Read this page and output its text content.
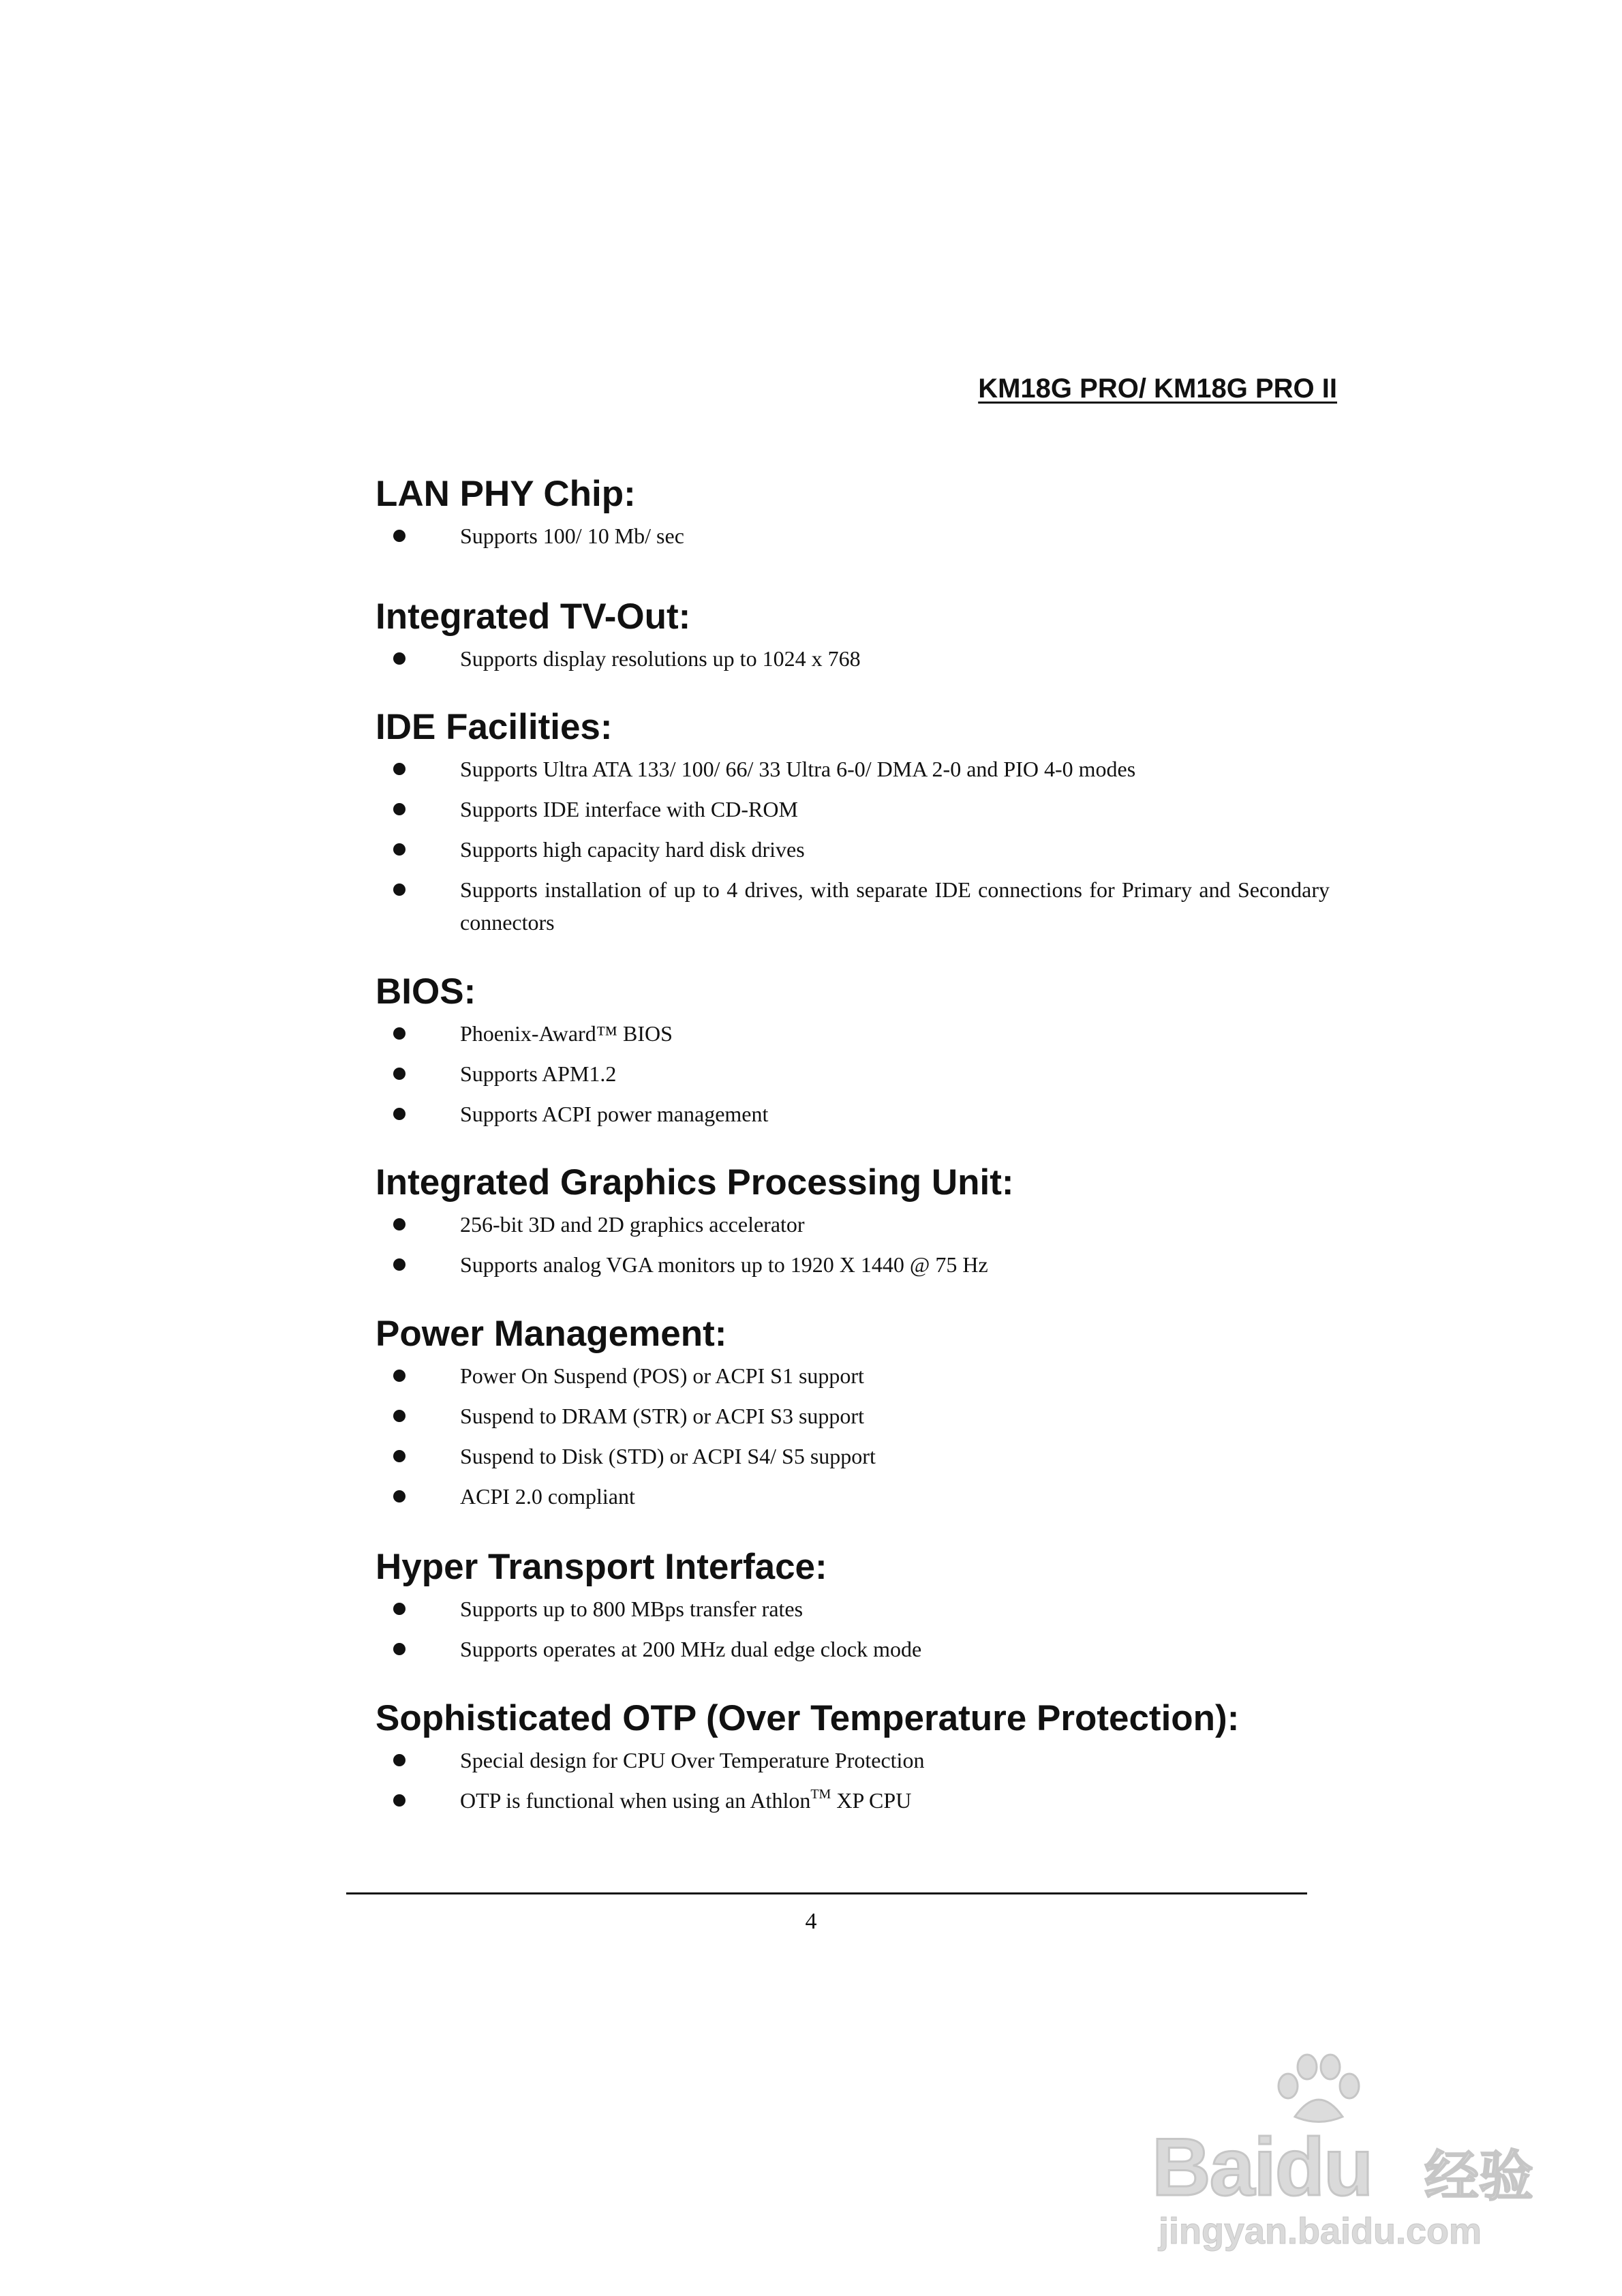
KM18G PRO/ KM18G PRO II
LAN PHY Chip:
Supports 100/ 10 Mb/ sec
Integrated TV-Out:
Supports display resolutions up to 1024 x 768
IDE Facilities:
Supports Ultra ATA 133/ 100/ 66/ 33 Ultra 6-0/ DMA 2-0 and PIO 4-0 modes
Supports IDE interface with CD-ROM
Supports high capacity hard disk drives
Supports installation of up to 4 drives, with separate IDE connections for Primary and Secondary connectors
BIOS:
Phoenix-Award™ BIOS
Supports APM1.2
Supports ACPI power management
Integrated Graphics Processing Unit:
256-bit 3D and 2D graphics accelerator
Supports analog VGA monitors up to 1920 X 1440 @ 75 Hz
Power Management:
Power On Suspend (POS) or ACPI S1 support
Suspend to DRAM (STR) or ACPI S3 support
Suspend to Disk (STD) or ACPI S4/ S5 support
ACPI 2.0 compliant
Hyper Transport Interface:
Supports up to 800 MBps transfer rates
Supports operates at 200 MHz dual edge clock mode
Sophisticated OTP (Over Temperature Protection):
Special design for CPU Over Temperature Protection
OTP is functional when using an Athlon™ XP CPU
4
Baidu 经验
jingyan.baidu.com
